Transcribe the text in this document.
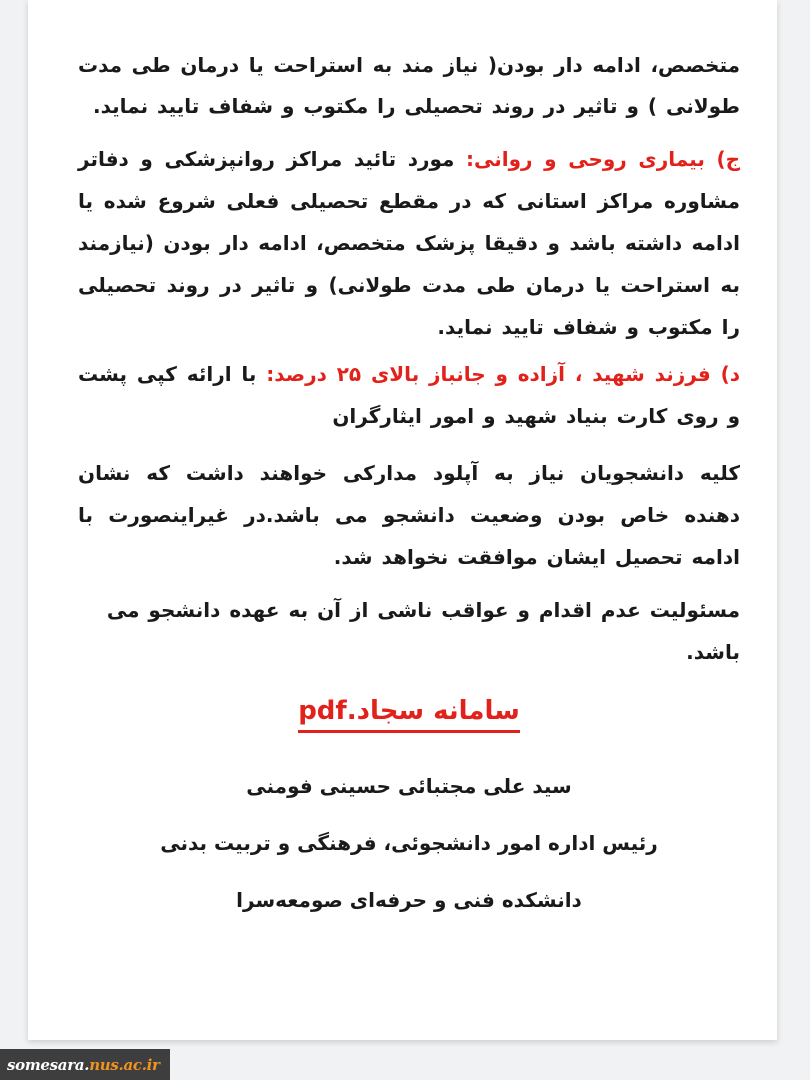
متخصص، ادامه دار بودن( نیاز مند به استراحت یا درمان طی مدت طولانی ) و تاثیر در روند تحصیلی را مکتوب و شفاف تایید نماید.

ج) بیماری روحی و روانی: مورد تائید مراکز روانپزشکی و دفاتر مشاوره مراکز استانی که در مقطع تحصیلی فعلی شروع شده یا ادامه داشته باشد و دقیقا پزشک متخصص، ادامه دار بودن (نیازمند به استراحت یا درمان طی مدت طولانی) و تاثیر در روند تحصیلی را مکتوب و شفاف تایید نماید.

د) فرزند شهید ، آزاده و جانباز بالای ۲۵ درصد: با ارائه کپی پشت و روی کارت بنیاد شهید و امور ایثارگران

کلیه دانشجویان نیاز به آپلود مدارکی خواهند داشت که نشان دهنده خاص بودن وضعیت دانشجو می باشد.در غیراینصورت با ادامه تحصیل ایشان موافقت نخواهد شد.

مسئولیت عدم اقدام و عواقب ناشی از آن به عهده دانشجو می باشد.

سامانه سجاد.pdf

سید علی مجتبائی حسینی فومنی

رئیس اداره امور دانشجوئی، فرهنگی و تربیت بدنی

دانشکده فنی و حرفه‌ای صومعه‌سرا

somesara. nus.ac.ir
